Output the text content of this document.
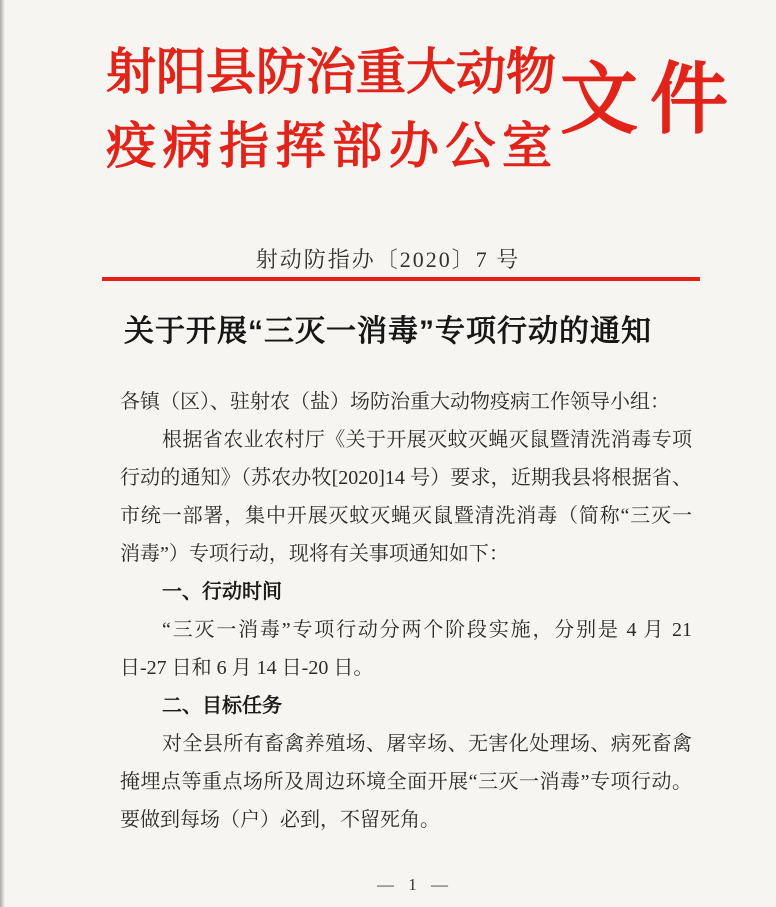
射阳县防治重大动物
疫病指挥部办公室
文件
射动防指办〔2020〕7 号
关于开展“三灭一消毒”专项行动的通知
各镇（区）、驻射农（盐）场防治重大动物疫病工作领导小组：
根据省农业农村厅《关于开展灭蚊灭蝇灭鼠暨清洗消毒专项
行动的通知》（苏农办牧[2020]14 号）要求，近期我县将根据省、
市统一部署，集中开展灭蚊灭蝇灭鼠暨清洗消毒（简称“三灭一
消毒”）专项行动，现将有关事项通知如下：
一、行动时间
“三灭一消毒”专项行动分两个阶段实施，分别是 4 月 21
日-27 日和 6 月 14 日-20 日。
二、目标任务
对全县所有畜禽养殖场、屠宰场、无害化处理场、病死畜禽
掩埋点等重点场所及周边环境全面开展“三灭一消毒”专项行动。
要做到每场（户）必到，不留死角。
— 1 —
